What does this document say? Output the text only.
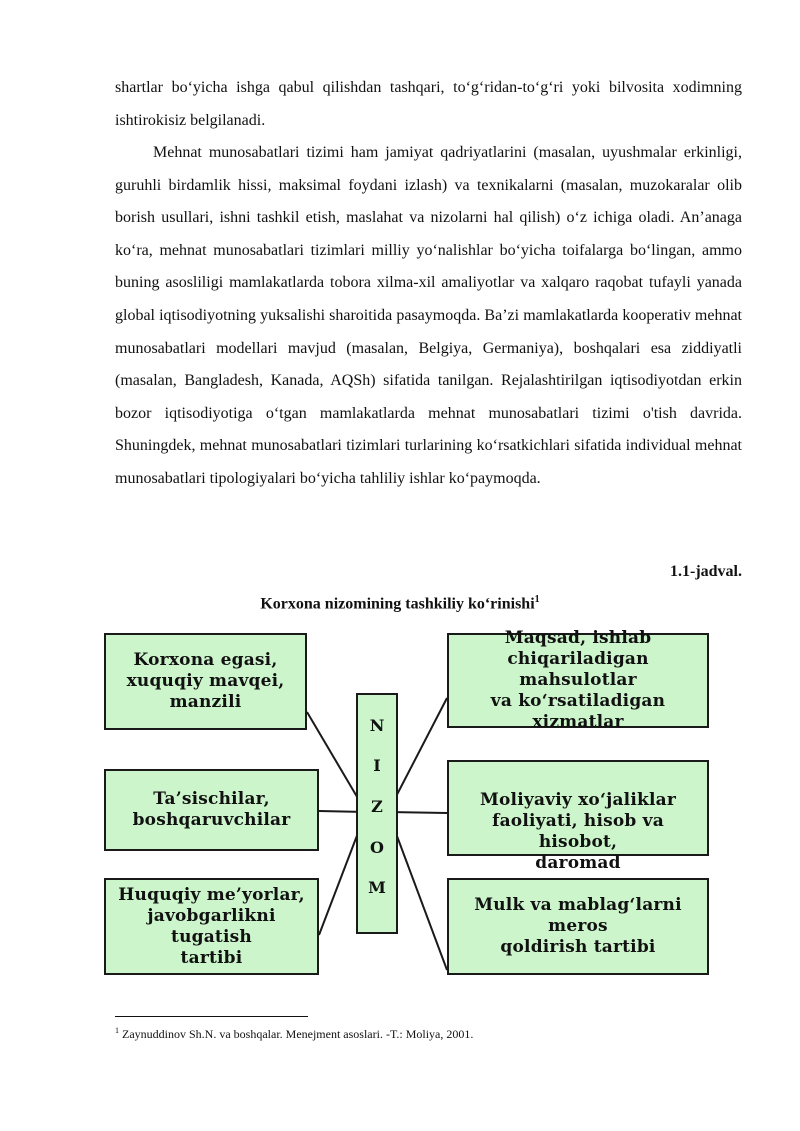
shartlar bo‘yicha ishga qabul qilishdan tashqari, to‘g‘ridan-to‘g‘ri yoki bilvosita xodimning ishtirokisiz belgilanadi.
Mehnat munosabatlari tizimi ham jamiyat qadriyatlarini (masalan, uyushmalar erkinligi, guruhli birdamlik hissi, maksimal foydani izlash) va texnikalarni (masalan, muzokaralar olib borish usullari, ishni tashkil etish, maslahat va nizolarni hal qilish) o‘z ichiga oladi. An’anaga ko‘ra, mehnat munosabatlari tizimlari milliy yo‘nalishlar bo‘yicha toifalarga bo‘lingan, ammo buning asosliligi mamlakatlarda tobora xilma-xil amaliyotlar va xalqaro raqobat tufayli yanada global iqtisodiyotning yuksalishi sharoitida pasaymoqda. Ba’zi mamlakatlarda kooperativ mehnat munosabatlari modellari mavjud (masalan, Belgiya, Germaniya), boshqalari esa ziddiyatli (masalan, Bangladesh, Kanada, AQSh) sifatida tanilgan. Rejalashtirilgan iqtisodiyotdan erkin bozor iqtisodiyotiga o‘tgan mamlakatlarda mehnat munosabatlari tizimi o'tish davrida. Shuningdek, mehnat munosabatlari tizimlari turlarining ko‘rsatkichlari sifatida individual mehnat munosabatlari tipologiyalari bo‘yicha tahliliy ishlar ko‘paymoqda.
1.1-jadval.
Korxona nizomining tashkiliy ko‘rinishi$^1$
Korxona egasi,
xuquqiy mavqei,
manzili
Ta’sischilar,
boshqaruvchilar
Huquqiy me’yorlar,
javobgarlikni tugatish
tartibi
N
I
Z
O
M
Maqsad, ishlab
chiqariladigan mahsulotlar
va ko‘rsatiladigan xizmatlar
Moliyaviy xo‘jaliklar
faoliyati, hisob va hisobot,
daromad
Mulk va mablag‘larni meros
qoldirish tartibi
$^1$ Zaynuddinov Sh.N. va boshqalar. Menejment asoslari. -T.: Moliya, 2001.
